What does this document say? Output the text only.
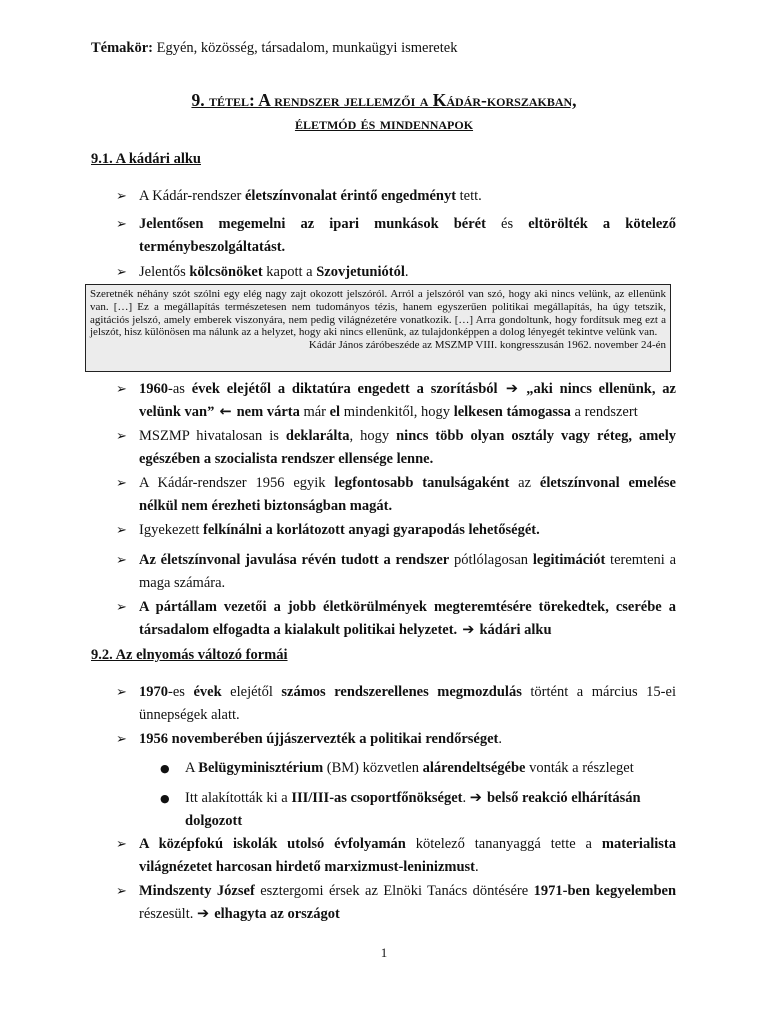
Témakör: Egyén, közösség, társadalom, munkaügyi ismeretek
9. tétel: A rendszer jellemzői a Kádár-korszakban,
életmód és mindennapok
9.1. A kádári alku
➢ A Kádár-rendszer életszínvonalat érintő engedményt tett.
➢ Jelentősen megemelni az ipari munkások bérét és eltörölték a kötelező terménybeszolgáltatást.
➢ Jelentős kölcsönöket kapott a Szovjetuniótól.
Szeretnék néhány szót szólni egy elég nagy zajt okozott jelszóról. Arról a jelszóról van szó, hogy aki nincs velünk, az ellenünk van. […] Ez a megállapítás természetesen nem tudományos tézis, hanem egyszerűen politikai megállapítás, ha úgy tetszik, agitációs jelszó, amely emberek viszonyára, nem pedig világnézetére vonatkozik. […] Arra gondoltunk, hogy fordítsuk meg ezt a jelszót, hisz különösen ma nálunk az a helyzet, hogy aki nincs ellenünk, az tulajdonképpen a dolog lényegét tekintve velünk van.
Kádár János záróbeszéde az MSZMP VIII. kongresszusán 1962. november 24-én
➢ 1960-as évek elejétől a diktatúra engedett a szorításból ➔ „aki nincs ellenünk, az velünk van” ← nem várta már el mindenkitől, hogy lelkesen támogassa a rendszert
➢ MSZMP hivatalosan is deklarálta, hogy nincs több olyan osztály vagy réteg, amely egészében a szocialista rendszer ellensége lenne.
➢ A Kádár-rendszer 1956 egyik legfontosabb tanulságaként az életszínvonal emelése nélkül nem érezheti biztonságban magát.
➢ Igyekezett felkínálni a korlátozott anyagi gyarapodás lehetőségét.
➢ Az életszínvonal javulása révén tudott a rendszer pótlólagosan legitimációt teremteni a maga számára.
➢ A pártállam vezetői a jobb életkörülmények megteremtésére törekedtek, cserébe a társadalom elfogadta a kialakult politikai helyzetet. ➔ kádári alku
9.2. Az elnyomás változó formái
➢ 1970-es évek elejétől számos rendszerellenes megmozdulás történt a március 15-ei ünnepségek alatt.
➢ 1956 novemberében újjászervezték a politikai rendőrséget.
●	A Belügyminisztérium (BM) közvetlen alárendeltségébe vonták a részleget
●	Itt alakították ki a III/III-as csoportfőnökséget. ➔ belső reakció elhárításán dolgozott
➢ A középfokú iskolák utolsó évfolyamán kötelező tananyaggá tette a materialista világnézetet harcosan hirdető marxizmust-leninizmust.
➢ Mindszenty József esztergomi érsek az Elnöki Tanács döntésére 1971-ben kegyelemben részesült. ➔ elhagyta az országot
1
